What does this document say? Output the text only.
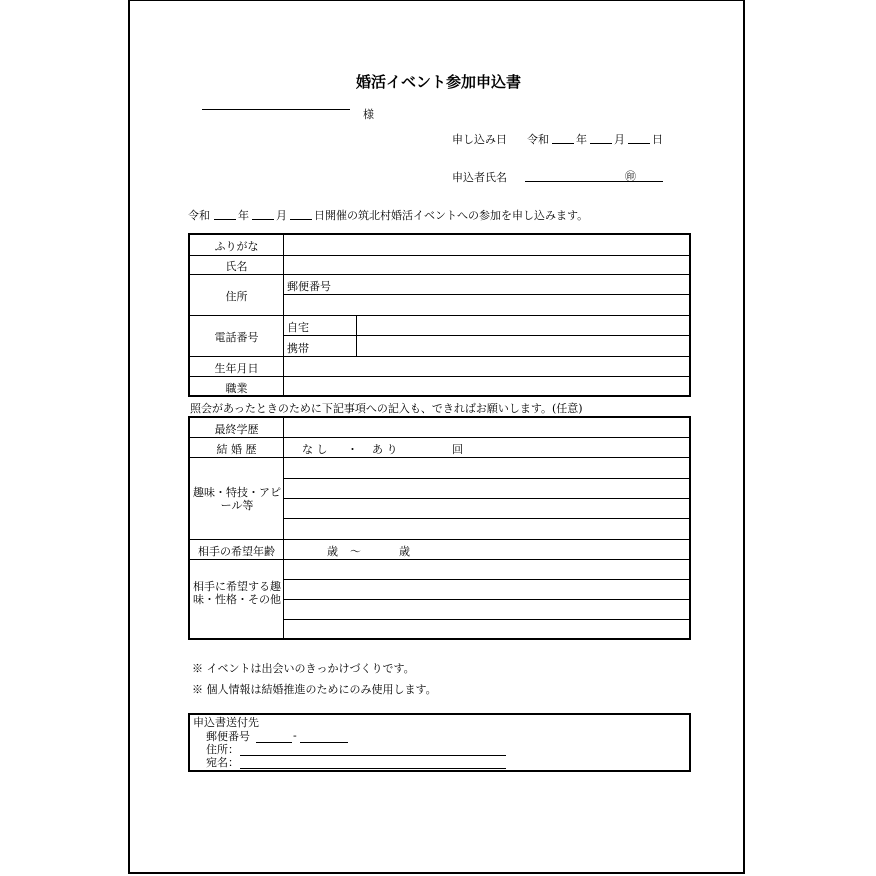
婚活イベント参加申込書
様
申し込み日 令和 年 月 日
申込者氏名	㊞
令和	年 月 日開催の筑北村婚活イベントへの参加を申し込みます。
ふりがな
氏名
住所
郵便番号
電話番号
自宅
携帯
生年月日
職業
照会があったときのために下記事項への記入も、できればお願いします。(任意)
最終学歴
結 婚 歴	な し ・ あ り	回
趣味・特技・アピール等
相手の希望年齢	歳 〜	歳
相手に希望する趣味・性格・その他
※ イベントは出会いのきっかけづくりです。
※ 個人情報は結婚推進のためにのみ使用します。
申込書送付先
郵便番号	-
住所：
宛名：
